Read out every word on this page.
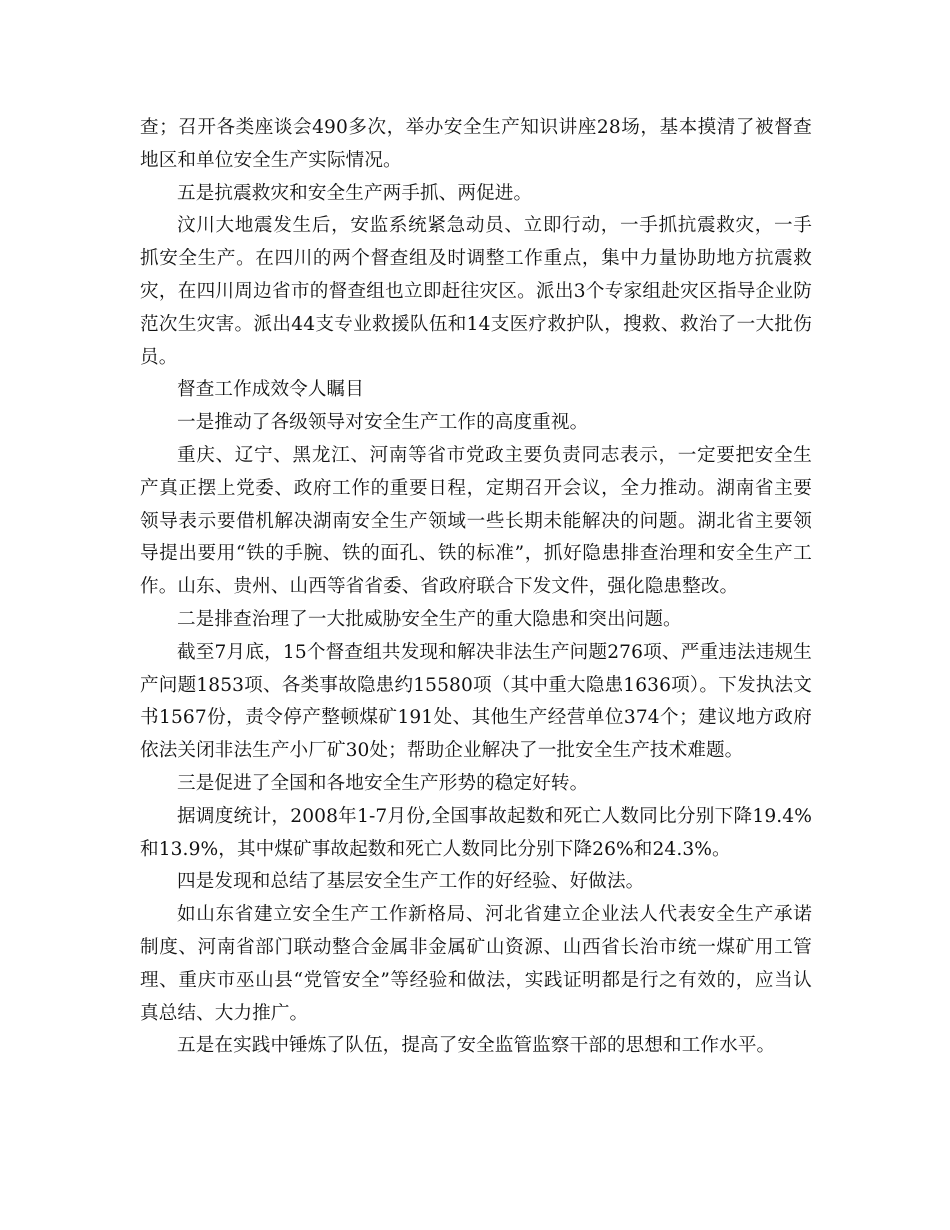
查；召开各类座谈会490多次，举办安全生产知识讲座28场，基本摸清了被督查地区和单位安全生产实际情况。

五是抗震救灾和安全生产两手抓、两促进。

汶川大地震发生后，安监系统紧急动员、立即行动，一手抓抗震救灾，一手抓安全生产。在四川的两个督查组及时调整工作重点，集中力量协助地方抗震救灾，在四川周边省市的督查组也立即赶往灾区。派出3个专家组赴灾区指导企业防范次生灾害。派出44支专业救援队伍和14支医疗救护队，搜救、救治了一大批伤员。

督查工作成效令人瞩目

一是推动了各级领导对安全生产工作的高度重视。

重庆、辽宁、黑龙江、河南等省市党政主要负责同志表示，一定要把安全生产真正摆上党委、政府工作的重要日程，定期召开会议，全力推动。湖南省主要领导表示要借机解决湖南安全生产领域一些长期未能解决的问题。湖北省主要领导提出要用“铁的手腕、铁的面孔、铁的标准”，抓好隐患排查治理和安全生产工作。山东、贵州、山西等省省委、省政府联合下发文件，强化隐患整改。

二是排查治理了一大批威胁安全生产的重大隐患和突出问题。

截至7月底，15个督查组共发现和解决非法生产问题276项、严重违法违规生产问题1853项、各类事故隐患约15580项（其中重大隐患1636项）。下发执法文书1567份，责令停产整顿煤矿191处、其他生产经营单位374个；建议地方政府依法关闭非法生产小厂矿30处；帮助企业解决了一批安全生产技术难题。

三是促进了全国和各地安全生产形势的稳定好转。

据调度统计，2008年1-7月份,全国事故起数和死亡人数同比分别下降19.4%和13.9%，其中煤矿事故起数和死亡人数同比分别下降26%和24.3%。

四是发现和总结了基层安全生产工作的好经验、好做法。

如山东省建立安全生产工作新格局、河北省建立企业法人代表安全生产承诺制度、河南省部门联动整合金属非金属矿山资源、山西省长治市统一煤矿用工管理、重庆市巫山县“党管安全”等经验和做法，实践证明都是行之有效的，应当认真总结、大力推广。

五是在实践中锤炼了队伍，提高了安全监管监察干部的思想和工作水平。
